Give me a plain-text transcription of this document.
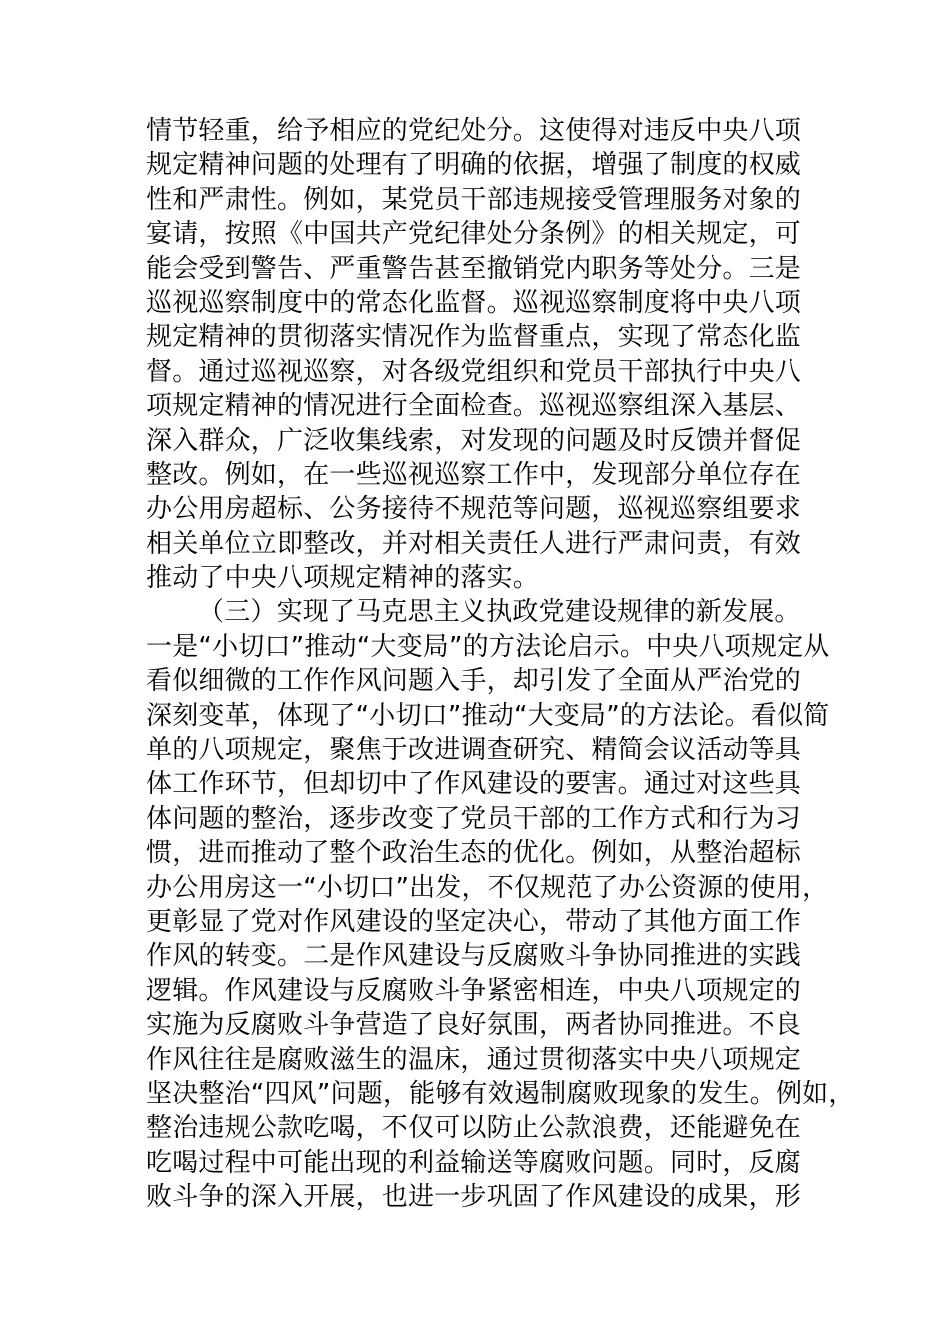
情节轻重，给予相应的党纪处分。这使得对违反中央八项
规定精神问题的处理有了明确的依据，增强了制度的权威
性和严肃性。例如，某党员干部违规接受管理服务对象的
宴请，按照《中国共产党纪律处分条例》的相关规定，可
能会受到警告、严重警告甚至撤销党内职务等处分。三是
巡视巡察制度中的常态化监督。巡视巡察制度将中央八项
规定精神的贯彻落实情况作为监督重点，实现了常态化监
督。通过巡视巡察，对各级党组织和党员干部执行中央八
项规定精神的情况进行全面检查。巡视巡察组深入基层、
深入群众，广泛收集线索，对发现的问题及时反馈并督促
整改。例如，在一些巡视巡察工作中，发现部分单位存在
办公用房超标、公务接待不规范等问题，巡视巡察组要求
相关单位立即整改，并对相关责任人进行严肃问责，有效
推动了中央八项规定精神的落实。
（三）实现了马克思主义执政党建设规律的新发展。
一是“小切口”推动“大变局”的方法论启示。中央八项规定从
看似细微的工作作风问题入手，却引发了全面从严治党的
深刻变革，体现了“小切口”推动“大变局”的方法论。看似简
单的八项规定，聚焦于改进调查研究、精简会议活动等具
体工作环节，但却切中了作风建设的要害。通过对这些具
体问题的整治，逐步改变了党员干部的工作方式和行为习
惯，进而推动了整个政治生态的优化。例如，从整治超标
办公用房这一“小切口”出发，不仅规范了办公资源的使用，
更彰显了党对作风建设的坚定决心，带动了其他方面工作
作风的转变。二是作风建设与反腐败斗争协同推进的实践
逻辑。作风建设与反腐败斗争紧密相连，中央八项规定的
实施为反腐败斗争营造了良好氛围，两者协同推进。不良
作风往往是腐败滋生的温床，通过贯彻落实中央八项规定
坚决整治“四风”问题，能够有效遏制腐败现象的发生。例如，
整治违规公款吃喝，不仅可以防止公款浪费，还能避免在
吃喝过程中可能出现的利益输送等腐败问题。同时，反腐
败斗争的深入开展，也进一步巩固了作风建设的成果，形
